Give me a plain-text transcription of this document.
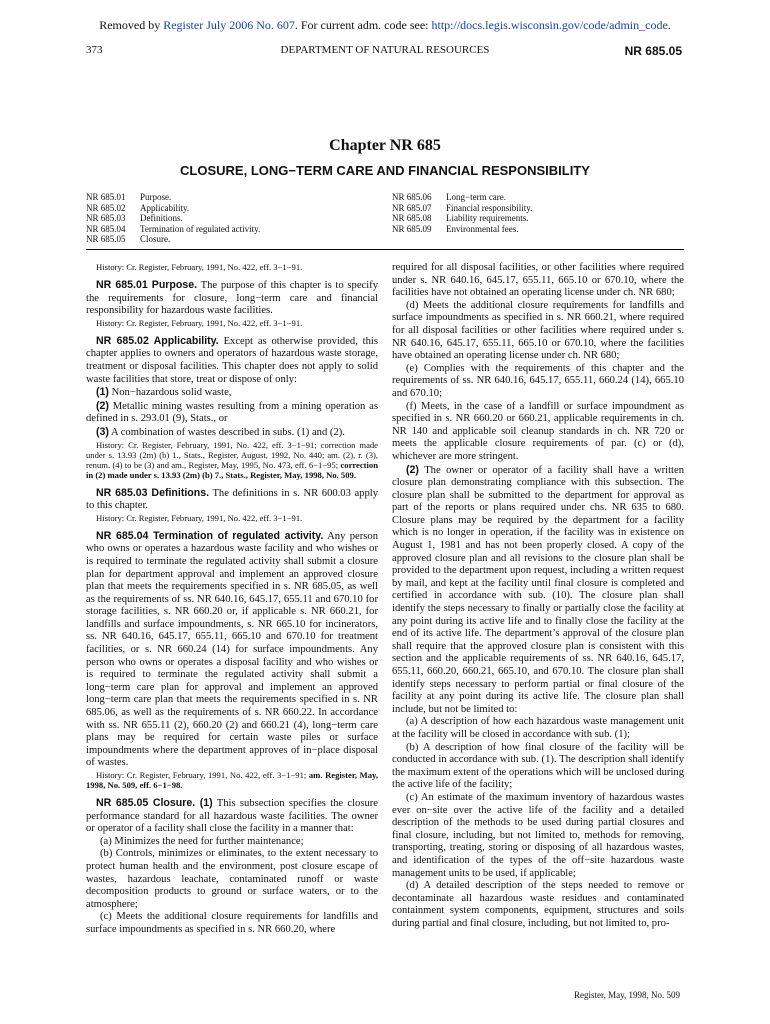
Removed by Register July 2006 No. 607. For current adm. code see: http://docs.legis.wisconsin.gov/code/admin_code.
DEPARTMENT OF NATURAL RESOURCES
373	NR 685.05
Chapter NR 685
CLOSURE, LONG−TERM CARE AND FINANCIAL RESPONSIBILITY
NR 685.01	Purpose.
NR 685.02	Applicability.
NR 685.03	Definitions.
NR 685.04	Termination of regulated activity.
NR 685.05	Closure.
NR 685.06	Long−term care.
NR 685.07	Financial responsibility.
NR 685.08	Liability requirements.
NR 685.09	Environmental fees.

History: Cr. Register, February, 1991, No. 422, eff. 3−1−91.

NR 685.01 Purpose. The purpose of this chapter is to specify the requirements for closure, long−term care and financial responsibility for hazardous waste facilities.

History: Cr. Register, February, 1991, No. 422, eff. 3−1−91.

NR 685.02 Applicability. Except as otherwise provided, this chapter applies to owners and operators of hazardous waste storage, treatment or disposal facilities. This chapter does not apply to solid waste facilities that store, treat or dispose of only:

(1) Non−hazardous solid waste,

(2) Metallic mining wastes resulting from a mining operation as defined in s. 293.01 (9), Stats., or

(3) A combination of wastes described in subs. (1) and (2).

History: Cr. Register, February, 1991, No. 422, eff. 3−1−91; correction made under s. 13.93 (2m) (b) 1., Stats., Register, August, 1992, No. 440; am. (2), r. (3), renum. (4) to be (3) and am., Register, May, 1995, No. 473, eff. 6−1−95; correction in (2) made under s. 13.93 (2m) (b) 7., Stats., Register, May, 1998, No. 509.

NR 685.03 Definitions. The definitions in s. NR 600.03 apply to this chapter.

History: Cr. Register, February, 1991, No. 422, eff. 3−1−91.

NR 685.04 Termination of regulated activity. Any person who owns or operates a hazardous waste facility and who wishes or is required to terminate the regulated activity shall submit a closure plan for department approval and implement an approved closure plan that meets the requirements specified in s. NR 685.05, as well as the requirements of ss. NR 640.16, 645.17, 655.11 and 670.10 for storage facilities, s. NR 660.20 or, if applicable s. NR 660.21, for landfills and surface impoundments, s. NR 665.10 for incinerators, ss. NR 640.16, 645.17, 655.11, 665.10 and 670.10 for treatment facilities, or s. NR 660.24 (14) for surface impoundments. Any person who owns or operates a disposal facility and who wishes or is required to terminate the regulated activity shall submit a long−term care plan for approval and implement an approved long−term care plan that meets the requirements specified in s. NR 685.06, as well as the requirements of s. NR 660.22. In accordance with ss. NR 655.11 (2), 660.20 (2) and 660.21 (4), long−term care plans may be required for certain waste piles or surface impoundments where the department approves of in−place disposal of wastes.

History: Cr. Register, February, 1991, No. 422, eff. 3−1−91; am. Register, May, 1998, No. 509, eff. 6−1−98.

NR 685.05 Closure. (1) This subsection specifies the closure performance standard for all hazardous waste facilities. The owner or operator of a facility shall close the facility in a manner that:

(a) Minimizes the need for further maintenance;

(b) Controls, minimizes or eliminates, to the extent necessary to protect human health and the environment, post closure escape of wastes, hazardous leachate, contaminated runoff or waste decomposition products to ground or surface waters, or to the atmosphere;

(c) Meets the additional closure requirements for landfills and surface impoundments as specified in s. NR 660.20, where

required for all disposal facilities, or other facilities where required under s. NR 640.16, 645.17, 655.11, 665.10 or 670.10, where the facilities have not obtained an operating license under ch. NR 680;

(d) Meets the additional closure requirements for landfills and surface impoundments as specified in s. NR 660.21, where required for all disposal facilities or other facilities where required under s. NR 640.16, 645.17, 655.11, 665.10 or 670.10, where the facilities have obtained an operating license under ch. NR 680;

(e) Complies with the requirements of this chapter and the requirements of ss. NR 640.16, 645.17, 655.11, 660.24 (14), 665.10 and 670.10;

(f) Meets, in the case of a landfill or surface impoundment as specified in s. NR 660.20 or 660.21, applicable requirements in ch. NR 140 and applicable soil cleanup standards in ch. NR 720 or meets the applicable closure requirements of par. (c) or (d), whichever are more stringent.

(2) The owner or operator of a facility shall have a written closure plan demonstrating compliance with this subsection. The closure plan shall be submitted to the department for approval as part of the reports or plans required under chs. NR 635 to 680. Closure plans may be required by the department for a facility which is no longer in operation, if the facility was in existence on August 1, 1981 and has not been properly closed. A copy of the approved closure plan and all revisions to the closure plan shall be provided to the department upon request, including a written request by mail, and kept at the facility until final closure is completed and certified in accordance with sub. (10). The closure plan shall identify the steps necessary to finally or partially close the facility at any point during its active life and to finally close the facility at the end of its active life. The department’s approval of the closure plan shall require that the approved closure plan is consistent with this section and the applicable requirements of ss. NR 640.16, 645.17, 655.11, 660.20, 660.21, 665.10, and 670.10. The closure plan shall identify steps necessary to perform partial or final closure of the facility at any point during its active life. The closure plan shall include, but not be limited to:

(a) A description of how each hazardous waste management unit at the facility will be closed in accordance with sub. (1);

(b) A description of how final closure of the facility will be conducted in accordance with sub. (1). The description shall identify the maximum extent of the operations which will be unclosed during the active life of the facility;

(c) An estimate of the maximum inventory of hazardous wastes ever on−site over the active life of the facility and a detailed description of the methods to be used during partial closures and final closure, including, but not limited to, methods for removing, transporting, treating, storing or disposing of all hazardous wastes, and identification of the types of the off−site hazardous waste management units to be used, if applicable;

(d) A detailed description of the steps needed to remove or decontaminate all hazardous waste residues and contaminated containment system components, equipment, structures and soils during partial and final closure, including, but not limited to, pro-

Register, May, 1998, No. 509
